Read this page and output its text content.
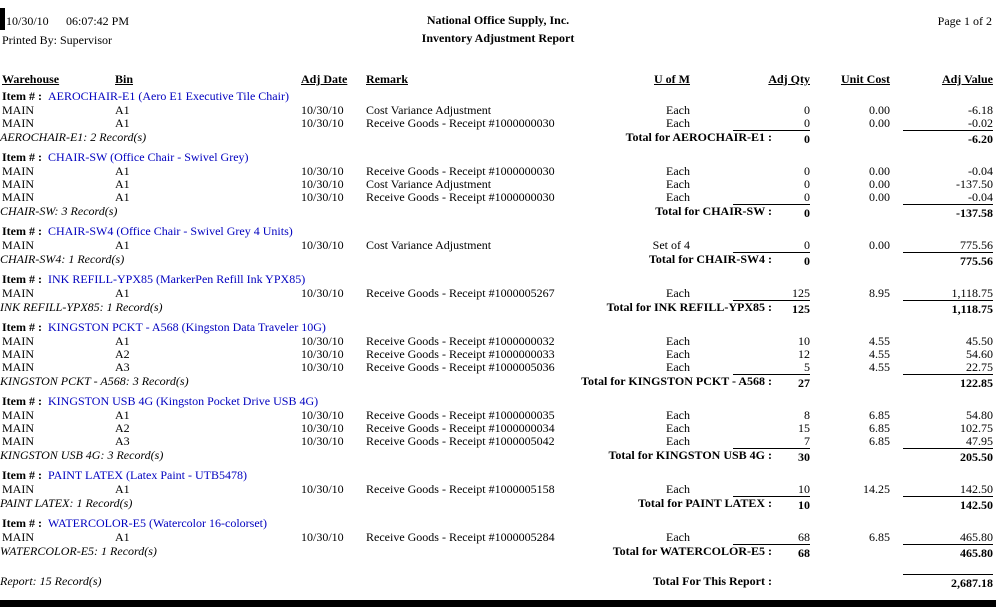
10/30/10 06:07:42 PM	National Office Supply, Inc.	Page 1 of 2
Printed By: Supervisor	Inventory Adjustment Report
Warehouse	Bin	Adj Date	Remark	U of M	Adj Qty	Unit Cost	Adj Value
Item # : AEROCHAIR-E1 (Aero E1 Executive Tile Chair)
MAIN	A1	10/30/10	Cost Variance Adjustment	Each	0	0.00	-6.18
MAIN	A1	10/30/10	Receive Goods - Receipt #1000000030	Each	0	0.00	-0.02
AEROCHAIR-E1: 2 Record(s)	Total for AEROCHAIR-E1 :	0	-6.20
Item # : CHAIR-SW (Office Chair - Swivel Grey)
MAIN	A1	10/30/10	Receive Goods - Receipt #1000000030	Each	0	0.00	-0.04
MAIN	A1	10/30/10	Cost Variance Adjustment	Each	0	0.00	-137.50
MAIN	A1	10/30/10	Receive Goods - Receipt #1000000030	Each	0	0.00	-0.04
CHAIR-SW: 3 Record(s)	Total for CHAIR-SW :	0	-137.58
Item # : CHAIR-SW4 (Office Chair - Swivel Grey 4 Units)
MAIN	A1	10/30/10	Cost Variance Adjustment	Set of 4	0	0.00	775.56
CHAIR-SW4: 1 Record(s)	Total for CHAIR-SW4 :	0	775.56
Item # : INK REFILL-YPX85 (MarkerPen Refill Ink YPX85)
MAIN	A1	10/30/10	Receive Goods - Receipt #1000005267	Each	125	8.95	1,118.75
INK REFILL-YPX85: 1 Record(s)	Total for INK REFILL-YPX85 :	125	1,118.75
Item # : KINGSTON PCKT - A568 (Kingston Data Traveler 10G)
MAIN	A1	10/30/10	Receive Goods - Receipt #1000000032	Each	10	4.55	45.50
MAIN	A2	10/30/10	Receive Goods - Receipt #1000000033	Each	12	4.55	54.60
MAIN	A3	10/30/10	Receive Goods - Receipt #1000005036	Each	5	4.55	22.75
KINGSTON PCKT - A568: 3 Record(s)	Total for KINGSTON PCKT - A568 :	27	122.85
Item # : KINGSTON USB 4G (Kingston Pocket Drive USB 4G)
MAIN	A1	10/30/10	Receive Goods - Receipt #1000000035	Each	8	6.85	54.80
MAIN	A2	10/30/10	Receive Goods - Receipt #1000000034	Each	15	6.85	102.75
MAIN	A3	10/30/10	Receive Goods - Receipt #1000005042	Each	7	6.85	47.95
KINGSTON USB 4G: 3 Record(s)	Total for KINGSTON USB 4G :	30	205.50
Item # : PAINT LATEX (Latex Paint - UTB5478)
MAIN	A1	10/30/10	Receive Goods - Receipt #1000005158	Each	10	14.25	142.50
PAINT LATEX: 1 Record(s)	Total for PAINT LATEX :	10	142.50
Item # : WATERCOLOR-E5 (Watercolor 16-colorset)
MAIN	A1	10/30/10	Receive Goods - Receipt #1000005284	Each	68	6.85	465.80
WATERCOLOR-E5: 1 Record(s)	Total for WATERCOLOR-E5 :	68	465.80
Report: 15 Record(s)	Total For This Report :	2,687.18
